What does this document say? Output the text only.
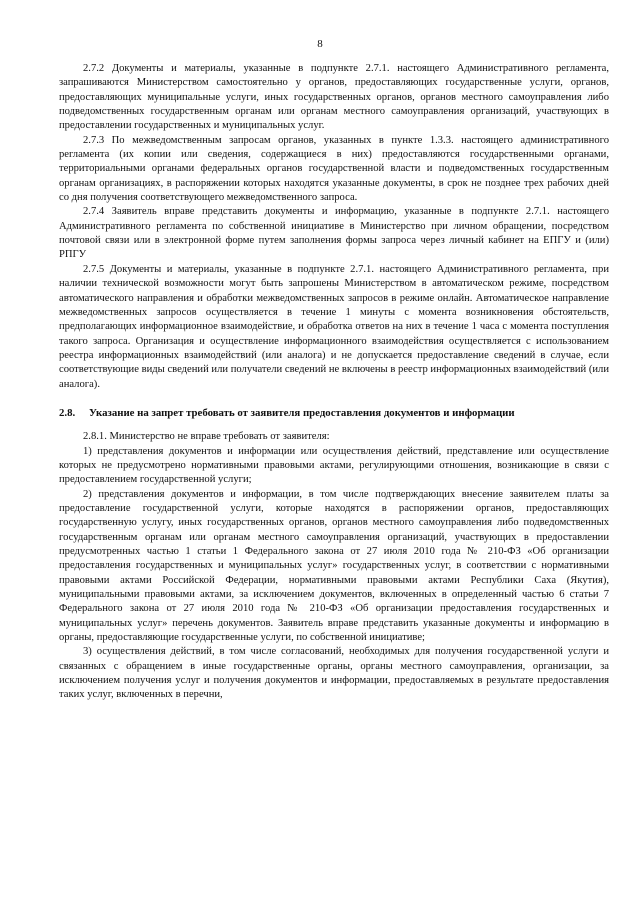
8

2.7.2 Документы и материалы, указанные в подпункте 2.7.1. настоящего Административного регламента, запрашиваются Министерством самостоятельно у органов, предоставляющих государственные услуги, органов, предоставляющих муниципальные услуги, иных государственных органов, органов местного самоуправления либо подведомственных государственным органам или органам местного самоуправления организаций, участвующих в предоставлении государственных и муниципальных услуг.

2.7.3 По межведомственным запросам органов, указанных в пункте 1.3.3. настоящего административного регламента (их копии или сведения, содержащиеся в них) предоставляются государственными органами, территориальными органами федеральных органов государственной власти и подведомственных государственным органам организациях, в распоряжении которых находятся указанные документы, в срок не позднее трех рабочих дней со дня получения соответствующего межведомственного запроса.

2.7.4 Заявитель вправе представить документы и информацию, указанные в подпункте 2.7.1. настоящего Административного регламента по собственной инициативе в Министерство при личном обращении, посредством почтовой связи или в электронной форме путем заполнения формы запроса через личный кабинет на ЕПГУ и (или) РПГУ

2.7.5 Документы и материалы, указанные в подпункте 2.7.1. настоящего Административного регламента, при наличии технической возможности могут быть запрошены Министерством в автоматическом режиме, посредством автоматического направления и обработки межведомственных запросов в режиме онлайн. Автоматическое направление межведомственных запросов осуществляется в течение 1 минуты с момента возникновения обстоятельств, предполагающих информационное взаимодействие, и обработка ответов на них в течение 1 часа с момента поступления такого запроса. Организация и осуществление информационного взаимодействия осуществляется с использованием реестра информационных взаимодействий (или аналога) и не допускается предоставление сведений в случае, если соответствующие виды сведений или получатели сведений не включены в реестр информационных взаимодействий (или аналога).

2.8. Указание на запрет требовать от заявителя предоставления документов и информации

2.8.1. Министерство не вправе требовать от заявителя:

1) представления документов и информации или осуществления действий, представление или осуществление которых не предусмотрено нормативными правовыми актами, регулирующими отношения, возникающие в связи с предоставлением государственной услуги;

2) представления документов и информации, в том числе подтверждающих внесение заявителем платы за предоставление государственной услуги, которые находятся в распоряжении органов, предоставляющих государственную услугу, иных государственных органов, органов местного самоуправления либо подведомственных государственным органам или органам местного самоуправления организаций, участвующих в предоставлении предусмотренных частью 1 статьи 1 Федерального закона от 27 июля 2010 года № 210-ФЗ «Об организации предоставления государственных и муниципальных услуг» государственных услуг, в соответствии с нормативными правовыми актами Российской Федерации, нормативными правовыми актами Республики Саха (Якутия), муниципальными правовыми актами, за исключением документов, включенных в определенный частью 6 статьи 7 Федерального закона от 27 июля 2010 года № 210-ФЗ «Об организации предоставления государственных и муниципальных услуг» перечень документов. Заявитель вправе представить указанные документы и информацию в органы, предоставляющие государственные услуги, по собственной инициативе;

3) осуществления действий, в том числе согласований, необходимых для получения государственной услуги и связанных с обращением в иные государственные органы, органы местного самоуправления, организации, за исключением получения услуг и получения документов и информации, предоставляемых в результате предоставления таких услуг, включенных в перечни,
